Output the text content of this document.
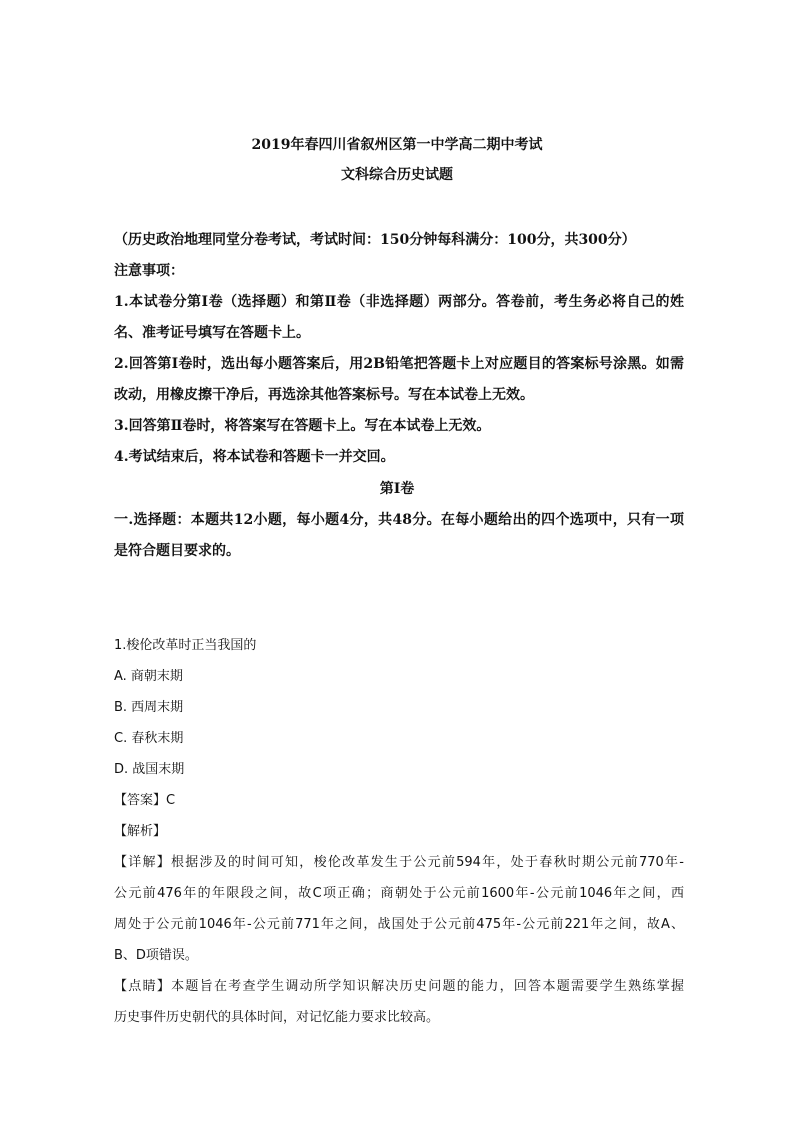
2019年春四川省叙州区第一中学高二期中考试
文科综合历史试题
（历史政治地理同堂分卷考试，考试时间：150分钟每科满分：100分，共300分）
注意事项：
1.本试卷分第Ⅰ卷（选择题）和第Ⅱ卷（非选择题）两部分。答卷前，考生务必将自己的姓
名、准考证号填写在答题卡上。
2.回答第Ⅰ卷时，选出每小题答案后，用2B铅笔把答题卡上对应题目的答案标号涂黑。如需
改动，用橡皮擦干净后，再选涂其他答案标号。写在本试卷上无效。
3.回答第Ⅱ卷时，将答案写在答题卡上。写在本试卷上无效。
4.考试结束后，将本试卷和答题卡一并交回。
第Ⅰ卷
一.选择题：本题共12小题，每小题4分，共48分。在每小题给出的四个选项中，只有一项
是符合题目要求的。
1.梭伦改革时正当我国的
A. 商朝末期
B. 西周末期
C. 春秋末期
D. 战国末期
【答案】C
【解析】
【详解】根据涉及的时间可知，梭伦改革发生于公元前594年，处于春秋时期公元前770年-
公元前476年的年限段之间，故C项正确；商朝处于公元前1600年-公元前1046年之间，西
周处于公元前1046年-公元前771年之间，战国处于公元前475年-公元前221年之间，故A、
B、D项错误。
【点睛】本题旨在考查学生调动所学知识解决历史问题的能力，回答本题需要学生熟练掌握
历史事件历史朝代的具体时间，对记忆能力要求比较高。
